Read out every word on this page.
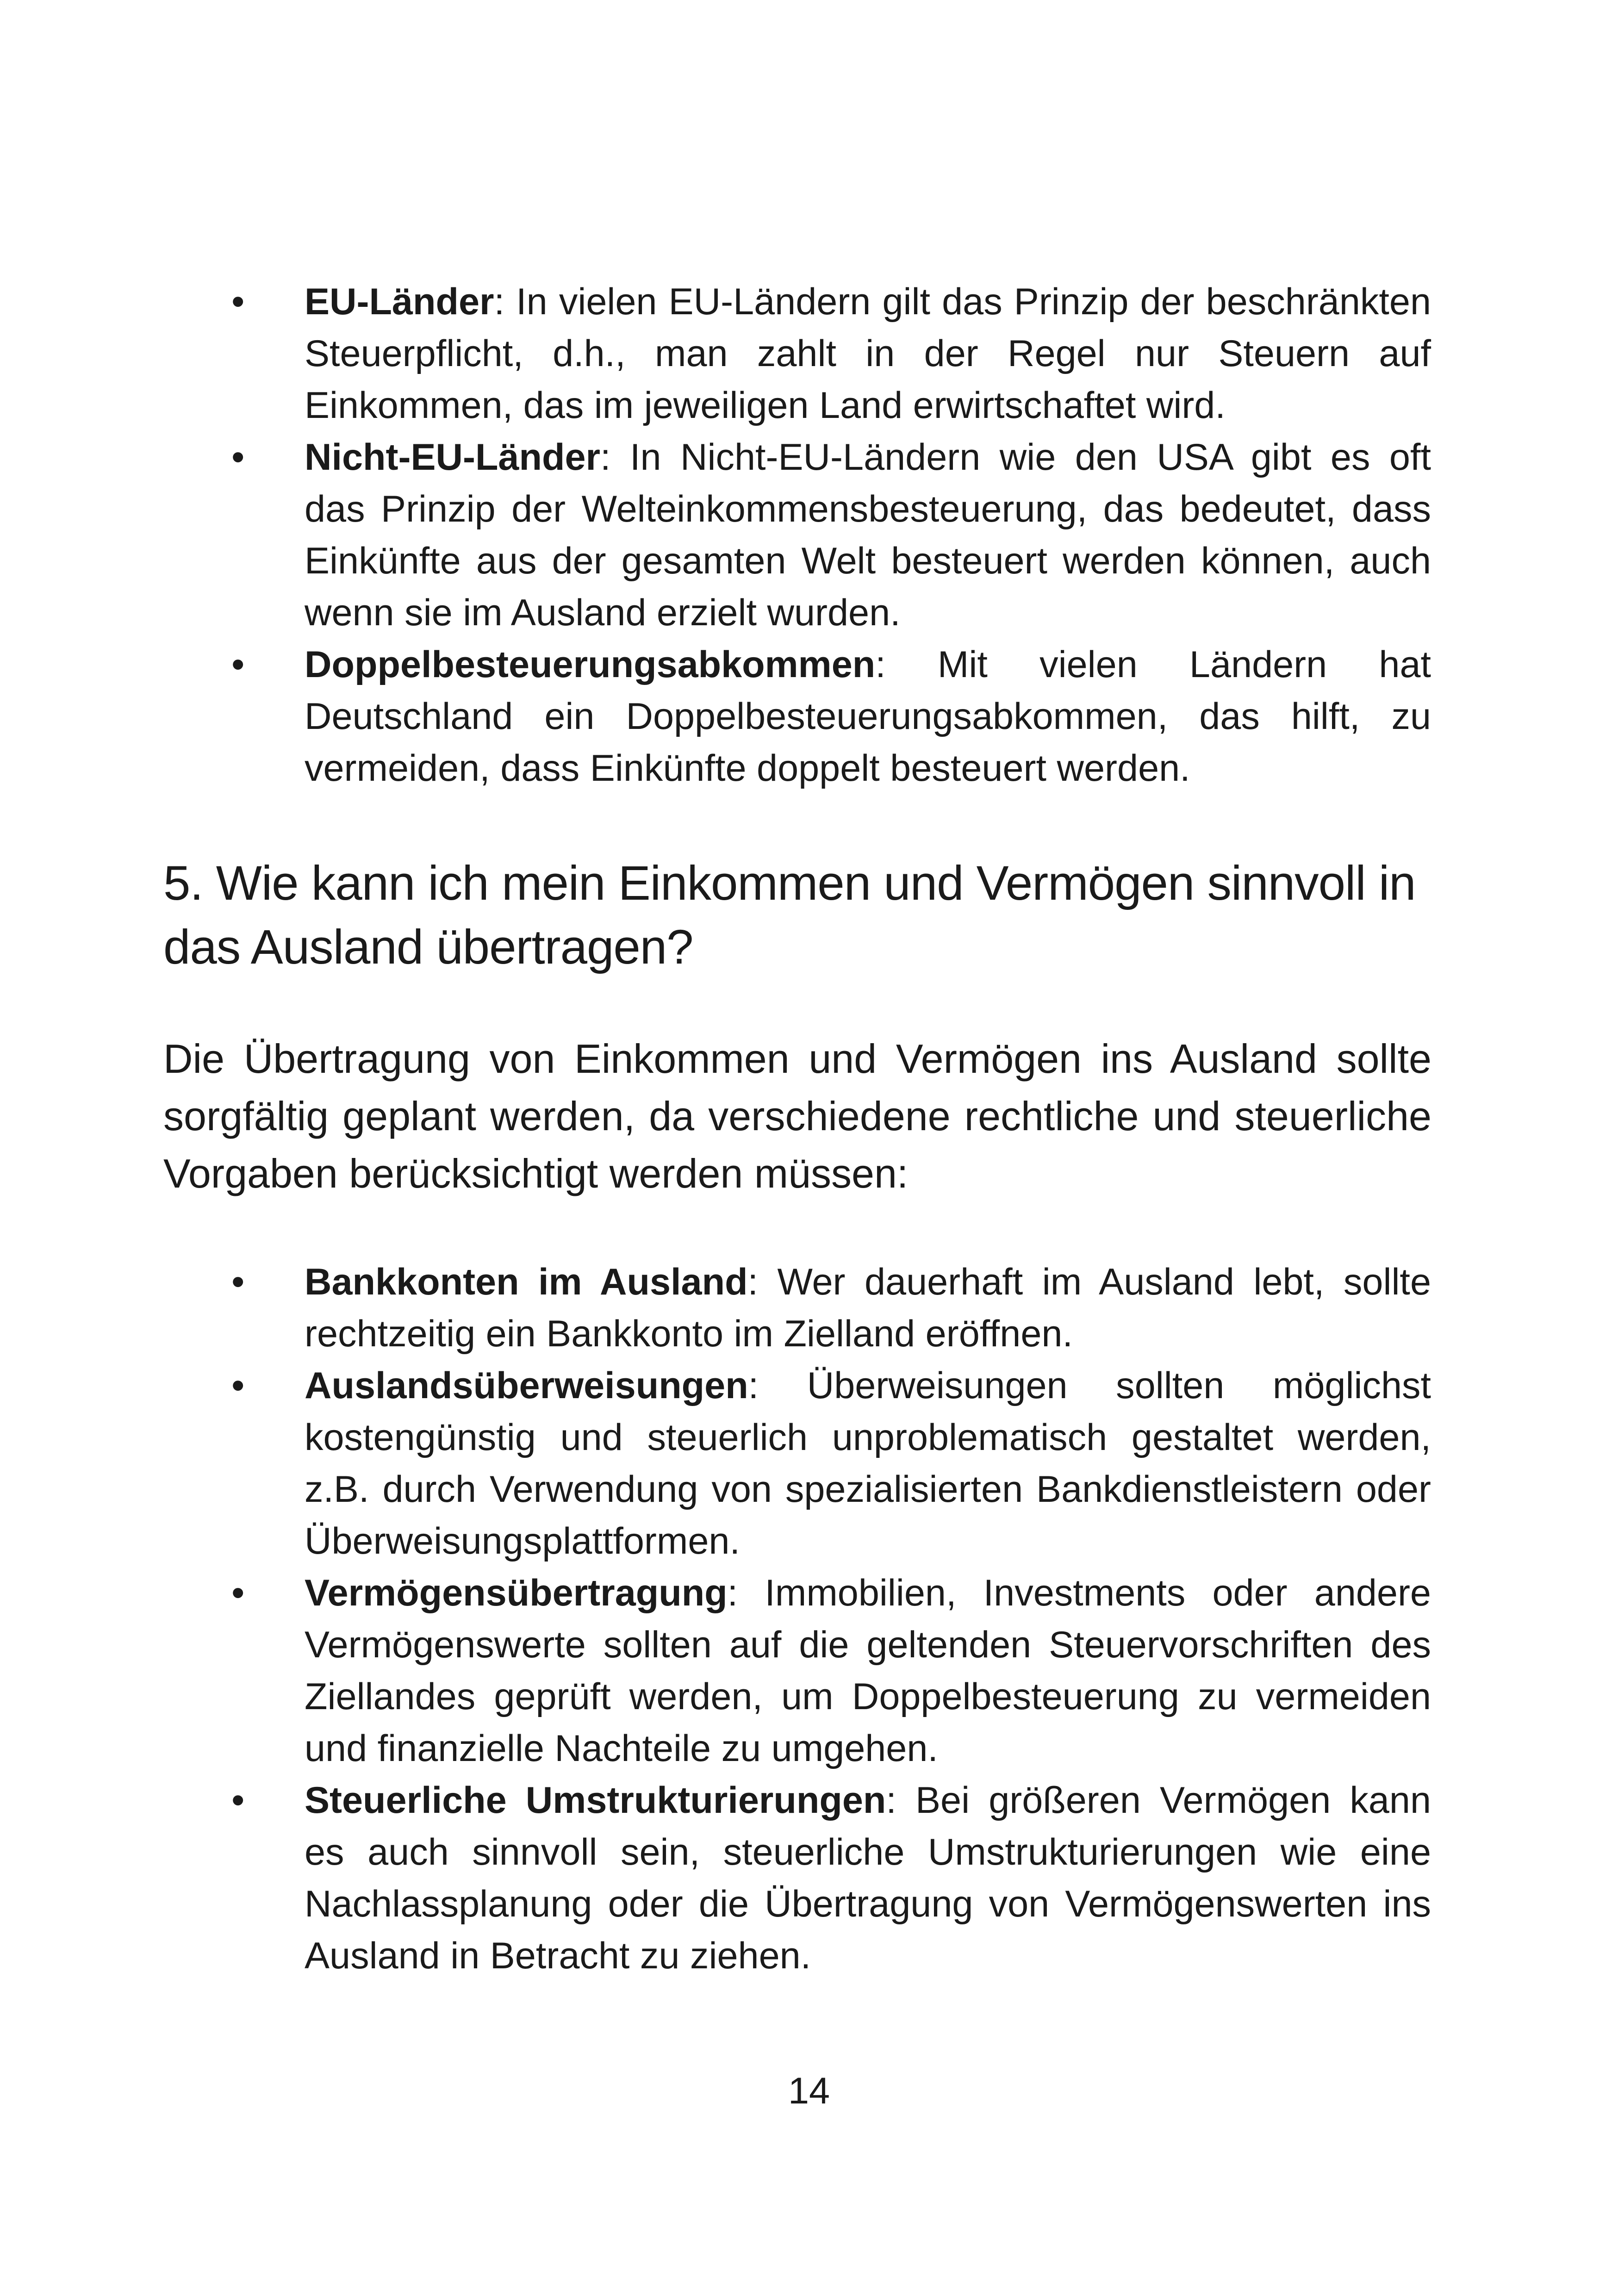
• EU-Länder: In vielen EU-Ländern gilt das Prinzip der beschränkten Steuerpflicht, d.h., man zahlt in der Regel nur Steuern auf Einkommen, das im jeweiligen Land erwirtschaftet wird.
• Nicht-EU-Länder: In Nicht-EU-Ländern wie den USA gibt es oft das Prinzip der Welteinkommensbesteuerung, das bedeutet, dass Einkünfte aus der gesamten Welt besteuert werden können, auch wenn sie im Ausland erzielt wurden.
• Doppelbesteuerungsabkommen: Mit vielen Ländern hat Deutschland ein Doppelbesteuerungsabkommen, das hilft, zu vermeiden, dass Einkünfte doppelt besteuert werden.
5. Wie kann ich mein Einkommen und Vermögen sinnvoll in das Ausland übertragen?

Die Übertragung von Einkommen und Vermögen ins Ausland sollte sorgfältig geplant werden, da verschiedene rechtliche und steuerliche Vorgaben berücksichtigt werden müssen:

• Bankkonten im Ausland: Wer dauerhaft im Ausland lebt, sollte rechtzeitig ein Bankkonto im Zielland eröffnen.
• Auslandsüberweisungen: Überweisungen sollten möglichst kostengünstig und steuerlich unproblematisch gestaltet werden, z.B. durch Verwendung von spezialisierten Bankdienstleistern oder Überweisungsplattformen.
• Vermögensübertragung: Immobilien, Investments oder andere Vermögenswerte sollten auf die geltenden Steuervorschriften des Ziellandes geprüft werden, um Doppelbesteuerung zu vermeiden und finanzielle Nachteile zu umgehen.
• Steuerliche Umstrukturierungen: Bei größeren Vermögen kann es auch sinnvoll sein, steuerliche Umstrukturierungen wie eine Nachlassplanung oder die Übertragung von Vermögenswerten ins Ausland in Betracht zu ziehen.
14
